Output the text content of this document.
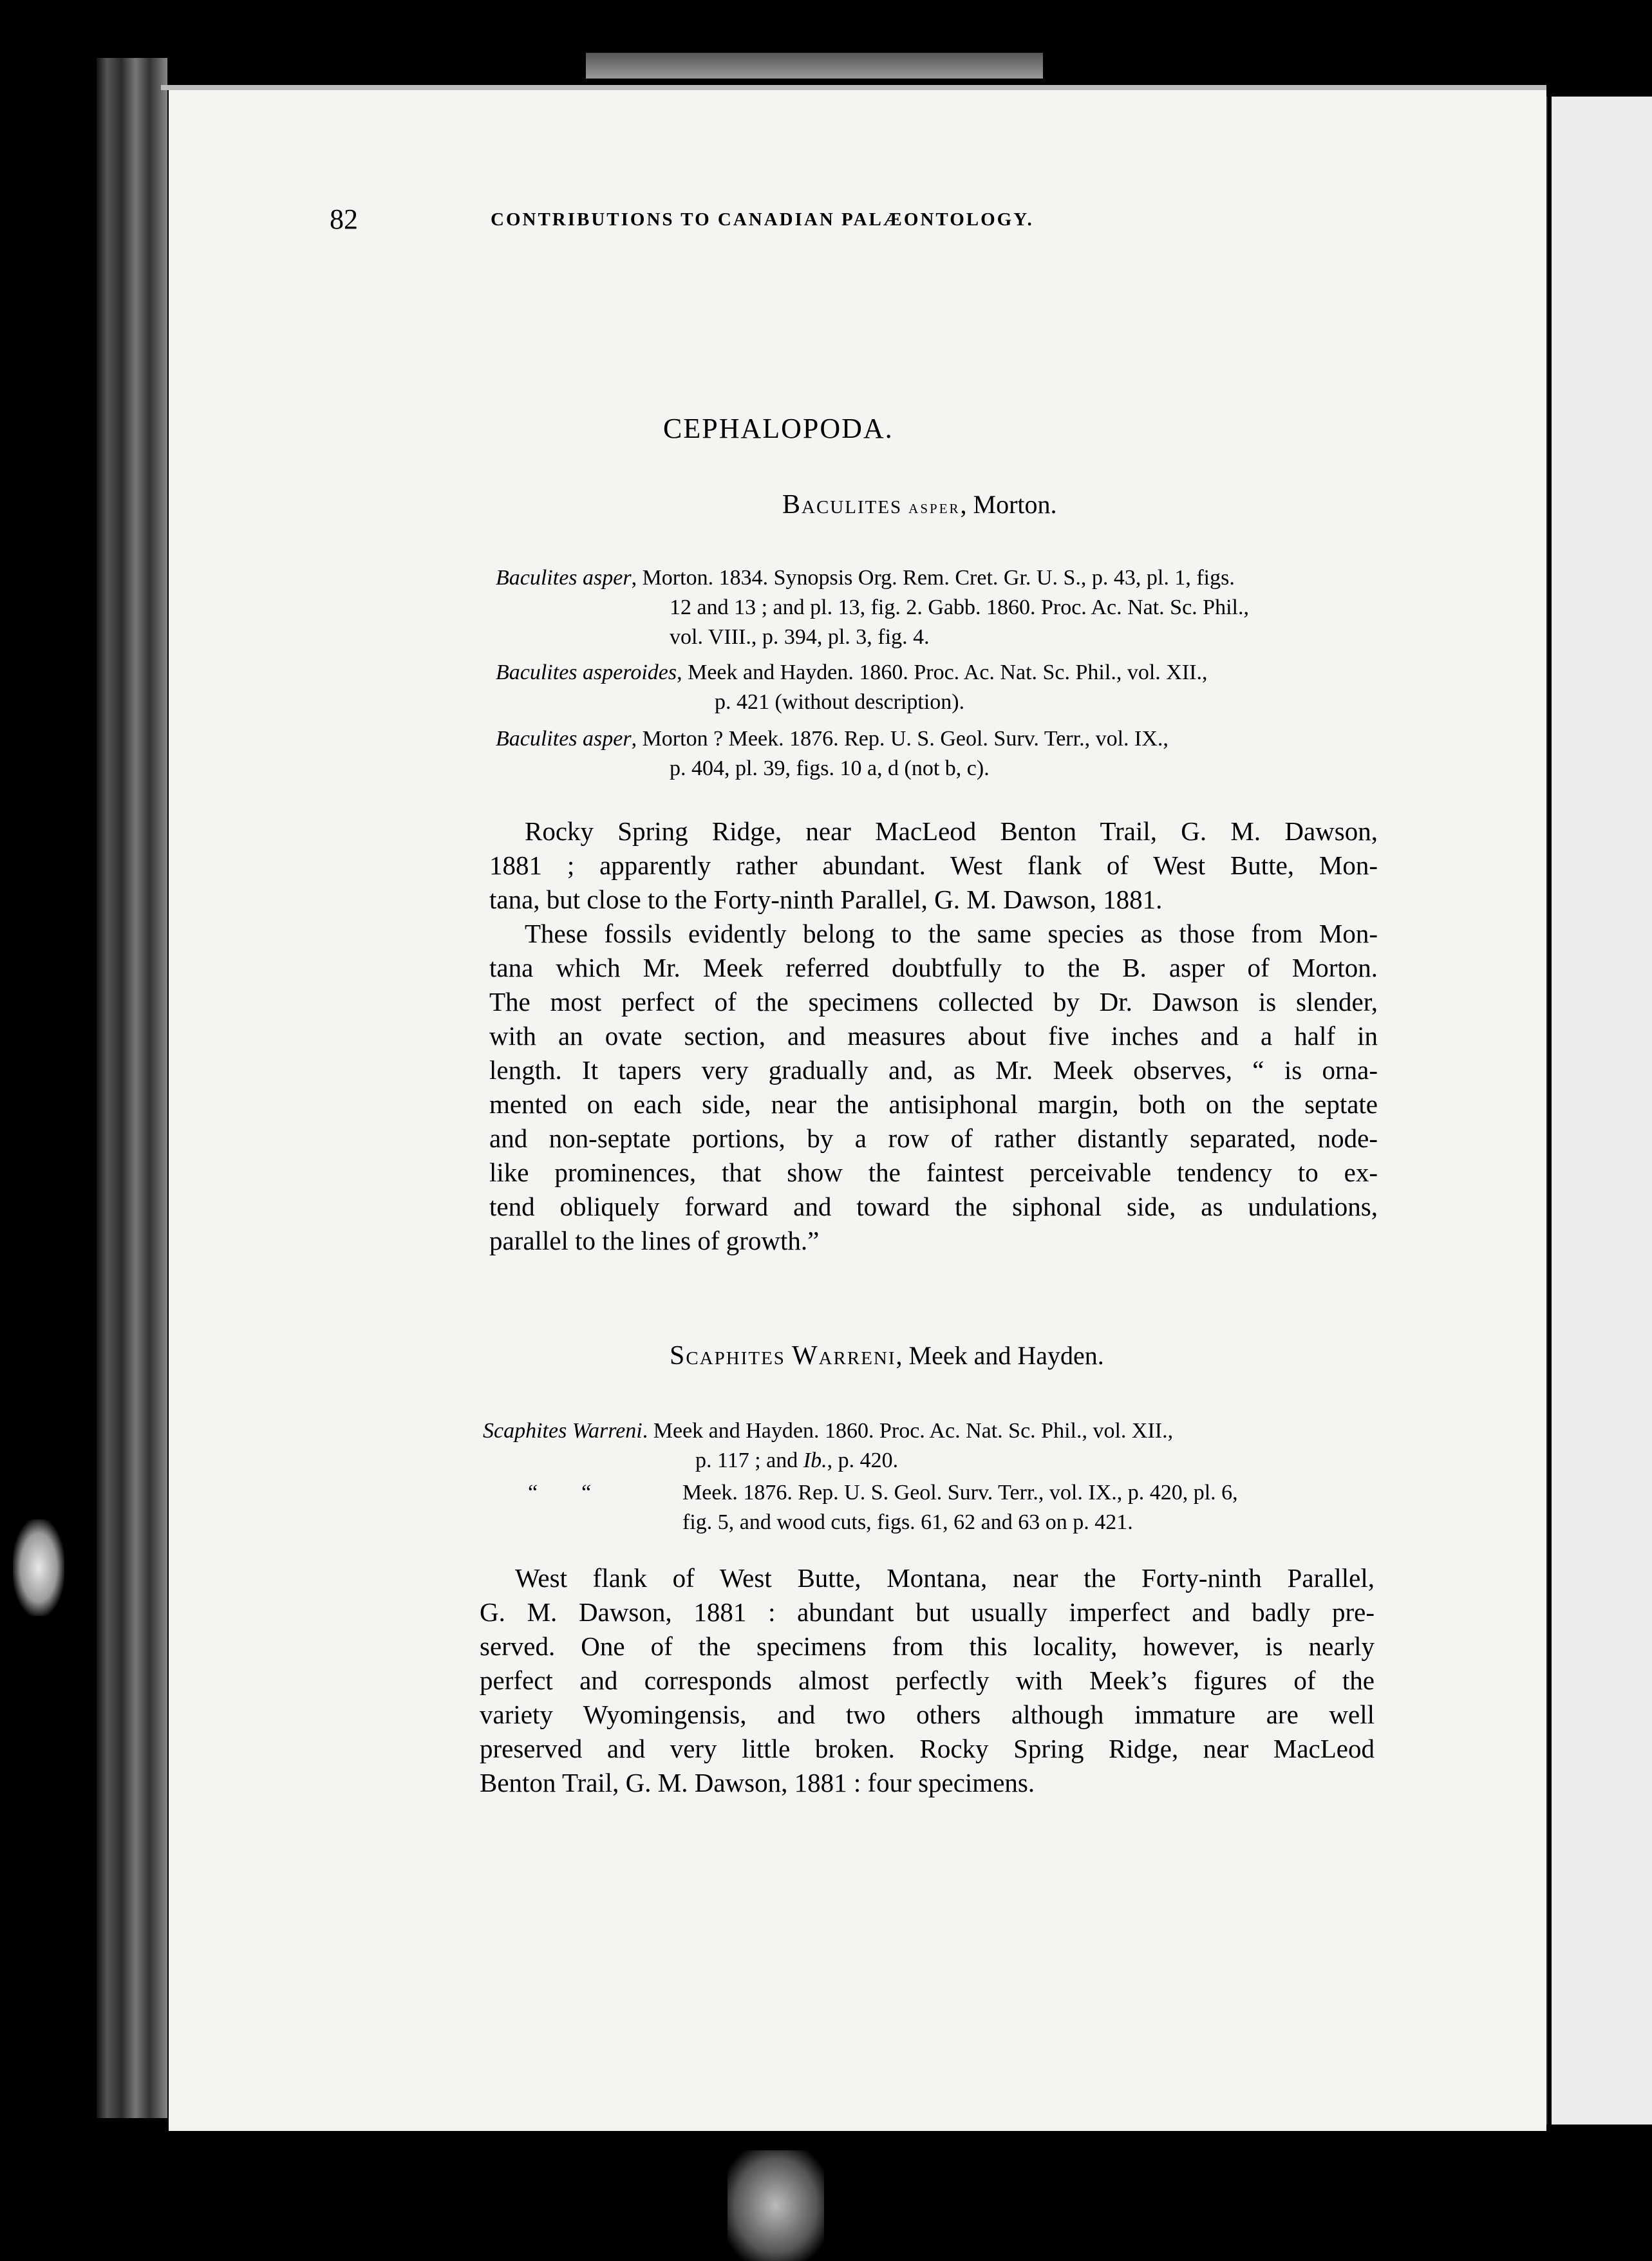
82	CONTRIBUTIONS TO CANADIAN PALÆONTOLOGY.
CEPHALOPODA.
Baculites asper, Morton.
Baculites asper, Morton. 1834. Synopsis Org. Rem. Cret. Gr. U. S., p. 43, pl. 1, figs.
12 and 13 ; and pl. 13, fig. 2. Gabb. 1860. Proc. Ac. Nat. Sc. Phil.,
vol. VIII., p. 394, pl. 3, fig. 4.
Baculites asperoides, Meek and Hayden. 1860. Proc. Ac. Nat. Sc. Phil., vol. XII.,
p. 421 (without description).
Baculites asper, Morton ? Meek. 1876. Rep. U. S. Geol. Surv. Terr., vol. IX.,
p. 404, pl. 39, figs. 10 a, d (not b, c).
Rocky Spring Ridge, near MacLeod Benton Trail, G. M. Dawson,
1881 ; apparently rather abundant. West flank of West Butte, Mon-
tana, but close to the Forty-ninth Parallel, G. M. Dawson, 1881.
These fossils evidently belong to the same species as those from Mon-
tana which Mr. Meek referred doubtfully to the B. asper of Morton.
The most perfect of the specimens collected by Dr. Dawson is slender,
with an ovate section, and measures about five inches and a half in
length. It tapers very gradually and, as Mr. Meek observes, “ is orna-
mented on each side, near the antisiphonal margin, both on the septate
and non-septate portions, by a row of rather distantly separated, node-
like prominences, that show the faintest perceivable tendency to ex-
tend obliquely forward and toward the siphonal side, as undulations,
parallel to the lines of growth.”
Scaphites Warreni, Meek and Hayden.
Scaphites Warreni. Meek and Hayden. 1860. Proc. Ac. Nat. Sc. Phil., vol. XII.,
p. 117 ; and Ib., p. 420.
“        “	Meek. 1876. Rep. U. S. Geol. Surv. Terr., vol. IX., p. 420, pl. 6,
fig. 5, and wood cuts, figs. 61, 62 and 63 on p. 421.
West flank of West Butte, Montana, near the Forty-ninth Parallel,
G. M. Dawson, 1881 : abundant but usually imperfect and badly pre-
served. One of the specimens from this locality, however, is nearly
perfect and corresponds almost perfectly with Meek’s figures of the
variety Wyomingensis, and two others although immature are well
preserved and very little broken. Rocky Spring Ridge, near MacLeod
Benton Trail, G. M. Dawson, 1881 : four specimens.
